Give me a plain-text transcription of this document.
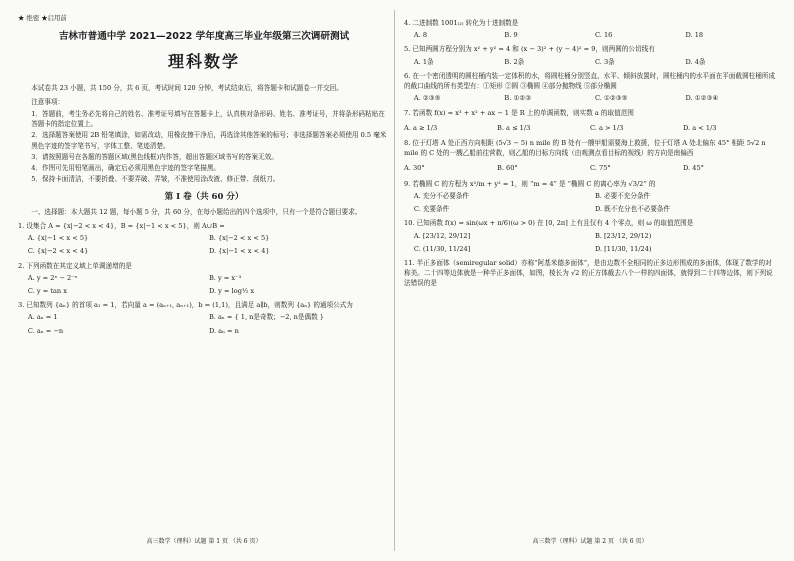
★ 绝密 ★启用前
吉林市普通中学 2021—2022 学年度高三毕业年级第三次调研测试
理科数学
本试卷共 23 小题，共 150 分，共 6 页，考试时间 120 分钟，考试结束后，将答题卡和试题卷一并交回。
注意事项：
1．答题前，考生务必先将自己的姓名、准考证号填写在答题卡上，认真核对条形码、姓名、准考证号，并将条形码粘贴在答题卡的指定位置上。
2．选择题答案使用 2B 铅笔填涂，如需改动，用橡皮擦干净后，再选涂其他答案的标号；非选择题答案必须使用 0.5 毫米黑色字迹的签字笔书写，字体工整、笔迹清楚。
3．请按照题号在各题的答题区域(黑色线框)内作答，超出答题区域书写的答案无效。
4．作图可先用铅笔画出，确定后必须用黑色字迹的签字笔描黑。
5．保持卡面清洁，不要折叠、不要弄破、弄皱，不准使用涂改液、修正带、刮纸刀。
第 I 卷（共 60 分）
一、选择题：本大题共 12 题，每小题 5 分，共 60 分，在每小题给出的四个选项中，只有一个是符合题目要求。
1. 设集合 A = {x|−2 < x < 4}，B = {x|−1 < x < 5}，则 A∪B =
A. {x|−1 < x < 5}	B. {x|−2 < x < 5}
C. {x|−2 < x < 4}	D. {x|−1 < x < 4}
2. 下列函数在其定义域上单调递增的是
A. y = 2ˣ − 2⁻ˣ	B. y = x⁻³
C. y = tan x	D. y = log½ x
3. 已知数列 {aₙ} 的首项 a₁ = 1，若向量 a = (aₙ₊₁, aₙ₊₁)，b = (1,1)，且满足 a∥b，则数列 {aₙ} 的通项公式为
A. aₙ = 1	B. aₙ = { 1, n是奇数；−2, n是偶数 }
C. aₙ = −n	D. aₙ = n
高三数学（理科）试题 第 1 页 （共 6 页）
4. 二进制数 1001₍₂₎ 转化为十进制数是
A. 8	B. 9	C. 16	D. 18
5. 已知两圆方程分别为 x² + y² = 4 和 (x − 3)² + (y − 4)² = 9，则两圆的公切线有
A. 1条	B. 2条	C. 3条	D. 4条
6. 在一个密闭透明的圆柱桶内装一定体积的水，将圆柱桶分别竖直、水平、倾斜放置时，圆柱桶内的水平面在平面截圆柱桶所成的截口曲线的所有类型有：①矩形 ②圆 ③椭圆 ④部分抛物线 ⑤部分椭圆
A. ②③⑤	B. ①②③	C. ①②③⑤	D. ①②③④
7. 若函数 f(x) = x³ + x² + ax − 1 是 R 上的单调函数，则实数 a 的取值范围
A. a ≥ 1/3	B. a ≤ 1/3	C. a > 1/3	D. a < 1/3
8. 位于灯塔 A 处正西方向相距 (5√3 − 5) n mile 的 B 处有一艘甲船需要海上救援，位于灯塔 A 处北偏东 45° 相距 5√2 n mile 的 C 处的一艘乙船前往营救，则乙船的目标方向线（由观测点看目标的视线）的方向是南偏西
A. 30°	B. 60°	C. 75°	D. 45°
9. 若椭圆 C 的方程为 x²/m + y² = 1，则 “m = 4” 是 “椭圆 C 的离心率为 √3/2” 的
A. 充分不必要条件	B. 必要不充分条件
C. 充要条件	D. 既不充分也不必要条件
10. 已知函数 f(x) = sin(ωx + π/6)(ω > 0) 在 [0, 2π] 上有且仅有 4 个零点，则 ω 的取值范围是
A. [23/12, 29/12]	B. [23/12, 29/12)
C. (11/30, 11/24]	D. [11/30, 11/24)
11. 半正多面体（semiregular solid）亦称“阿基米德多面体”，是由边数不全相同的正多边形围成的多面体，体现了数学的对称美。二十四等边体就是一种半正多面体，如图，棱长为 √2 的正方体截去八个一样的四面体，就得到二十四等边体，则下列说法错误的是
高三数学（理科）试题 第 2 页 （共 6 页）
